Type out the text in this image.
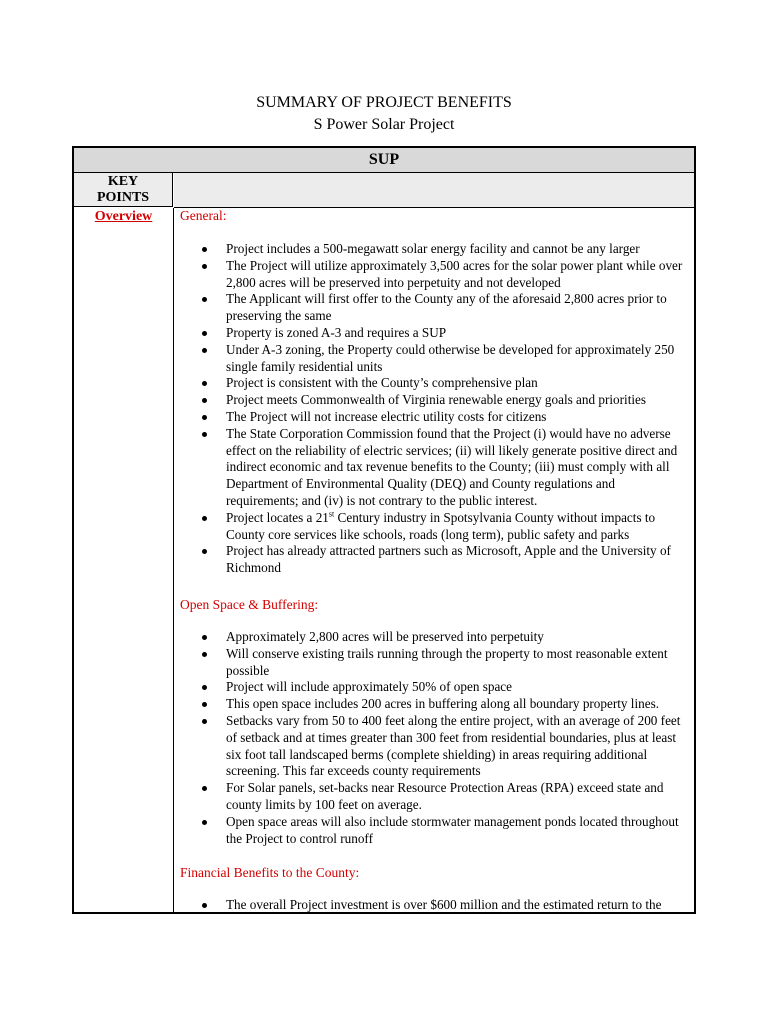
SUMMARY OF PROJECT BENEFITS
S Power Solar Project
SUP
KEY
POINTS
Overview	General:
Project includes a 500-megawatt solar energy facility and cannot be any larger
The Project will utilize approximately 3,500 acres for the solar power plant while over 2,800 acres will be preserved into perpetuity and not developed
The Applicant will first offer to the County any of the aforesaid 2,800 acres prior to preserving the same
Property is zoned A-3 and requires a SUP
Under A-3 zoning, the Property could otherwise be developed for approximately 250 single family residential units
Project is consistent with the County’s comprehensive plan
Project meets Commonwealth of Virginia renewable energy goals and priorities
The Project will not increase electric utility costs for citizens
The State Corporation Commission found that the Project (i) would have no adverse effect on the reliability of electric services; (ii) will likely generate positive direct and indirect economic and tax revenue benefits to the County; (iii) must comply with all Department of Environmental Quality (DEQ) and County regulations and requirements; and (iv) is not contrary to the public interest.
Project locates a 21st Century industry in Spotsylvania County without impacts to County core services like schools, roads (long term), public safety and parks
Project has already attracted partners such as Microsoft, Apple and the University of Richmond
Open Space & Buffering:
Approximately 2,800 acres will be preserved into perpetuity
Will conserve existing trails running through the property to most reasonable extent possible
Project will include approximately 50% of open space
This open space includes 200 acres in buffering along all boundary property lines.
Setbacks vary from 50 to 400 feet along the entire project, with an average of 200 feet of setback and at times greater than 300 feet from residential boundaries, plus at least six foot tall landscaped berms (complete shielding) in areas requiring additional screening. This far exceeds county requirements
For Solar panels, set-backs near Resource Protection Areas (RPA) exceed state and county limits by 100 feet on average.
Open space areas will also include stormwater management ponds located throughout the Project to control runoff
Financial Benefits to the County:
The overall Project investment is over $600 million and the estimated return to the
